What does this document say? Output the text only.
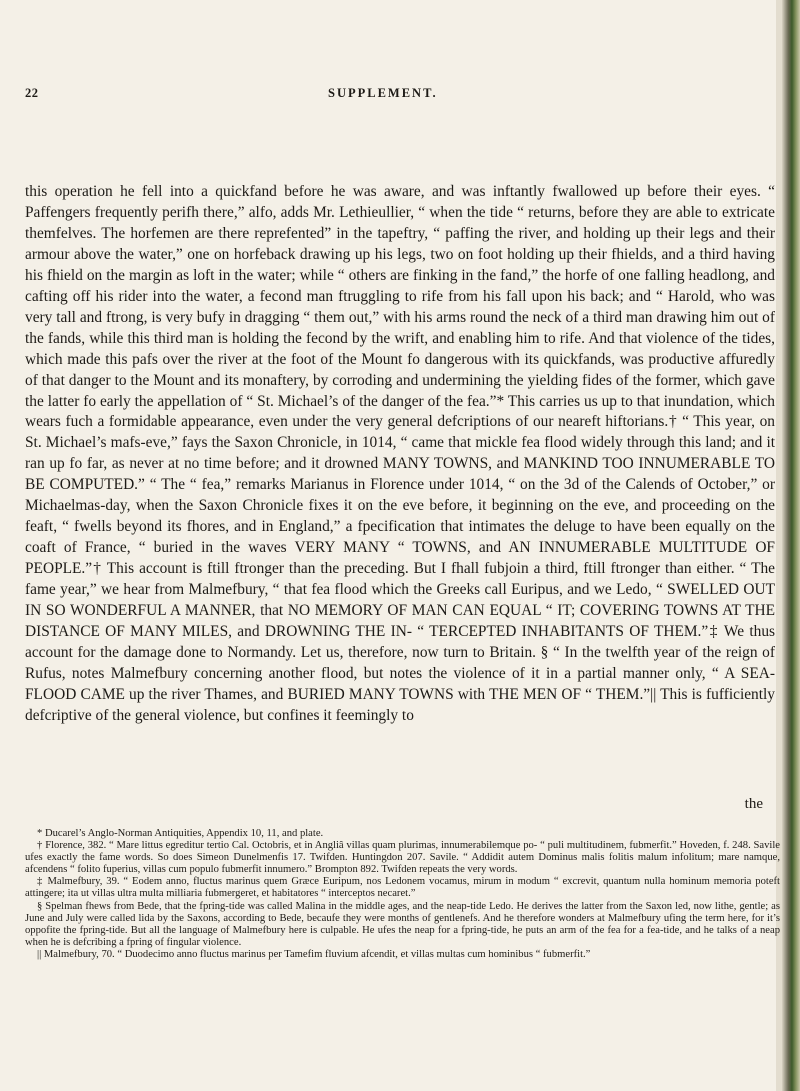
22	SUPPLEMENT.

this operation he fell into a quickfand before he was aware, and was inftantly fwallowed up before their eyes. “ Paffengers frequently perifh there,” alfo, adds Mr. Lethieullier, “ when the tide “ returns, before they are able to extricate themfelves. The horfemen are there reprefented” in the tapeftry, “ paffing the river, and holding up their legs and their armour above the water,” one on horfeback drawing up his legs, two on foot holding up their fhields, and a third having his fhield on the margin as loft in the water; while “ others are finking in the fand,” the horfe of one falling headlong, and cafting off his rider into the water, a fecond man ftruggling to rife from his fall upon his back; and “ Harold, who was very tall and ftrong, is very bufy in dragging “ them out,” with his arms round the neck of a third man drawing him out of the fands, while this third man is holding the fecond by the wrift, and enabling him to rife. And that violence of the tides, which made this pafs over the river at the foot of the Mount fo dangerous with its quickfands, was productive affuredly of that danger to the Mount and its monaftery, by corroding and undermining the yielding fides of the former, which gave the latter fo early the appellation of “ St. Michael’s of the danger of the fea.”* This carries us up to that inundation, which wears fuch a formidable appearance, even under the very general defcriptions of our neareft hiftorians.† “ This year, on St. Michael’s mafs-eve,” fays the Saxon Chronicle, in 1014, “ came that mickle fea flood widely through this land; and it ran up fo far, as never at no time before; and it drowned MANY TOWNS, and MANKIND TOO INNUMERABLE TO BE COMPUTED.” “ The “ fea,” remarks Marianus in Florence under 1014, “ on the 3d of the Calends of October,” or Michaelmas-day, when the Saxon Chronicle fixes it on the eve before, it beginning on the eve, and proceeding on the feaft, “ fwells beyond its fhores, and in England,” a fpecification that intimates the deluge to have been equally on the coaft of France, “ buried in the waves VERY MANY “ TOWNS, and AN INNUMERABLE MULTITUDE OF PEOPLE.”† This account is ftill ftronger than the preceding. But I fhall fubjoin a third, ftill ftronger than either. “ The fame year,” we hear from Malmefbury, “ that fea flood which the Greeks call Euripus, and we Ledo, “ SWELLED OUT IN SO WONDERFUL A MANNER, that NO MEMORY OF MAN CAN EQUAL “ IT; COVERING TOWNS AT THE DISTANCE OF MANY MILES, and DROWNING THE IN- “ TERCEPTED INHABITANTS OF THEM.”‡ We thus account for the damage done to Normandy. Let us, therefore, now turn to Britain. § “ In the twelfth year of the reign of Rufus, notes Malmefbury concerning another flood, but notes the violence of it in a partial manner only, “ A SEA-FLOOD CAME up the river Thames, and BURIED MANY TOWNS with THE MEN OF “ THEM.”|| This is fufficiently defcriptive of the general violence, but confines it feemingly to

the

* Ducarel’s Anglo-Norman Antiquities, Appendix 10, 11, and plate.

† Florence, 382. “ Mare littus egreditur tertio Cal. Octobris, et in Angliâ villas quam plurimas, innumerabilemque po- “ puli multitudinem, fubmerfit.” Hoveden, f. 248. Savile ufes exactly the fame words. So does Simeon Dunelmenfis 17. Twifden. Huntingdon 207. Savile. “ Addidit autem Dominus malis folitis malum infolitum; mare namque, afcendens “ folito fuperius, villas cum populo fubmerfit innumero.” Brompton 892. Twifden repeats the very words.

‡ Malmefbury, 39. “ Eodem anno, fluctus marinus quem Græce Euripum, nos Ledonem vocamus, mirum in modum “ excrevit, quantum nulla hominum memoria poteft attingere; ita ut villas ultra multa milliaria fubmergeret, et habitatores “ interceptos necaret.”

§ Spelman fhews from Bede, that the fpring-tide was called Malina in the middle ages, and the neap-tide Ledo. He derives the latter from the Saxon led, now lithe, gentle; as June and July were called lida by the Saxons, according to Bede, becaufe they were months of gentlenefs. And he therefore wonders at Malmefbury ufing the term here, for it’s oppofite the fpring-tide. But all the language of Malmefbury here is culpable. He ufes the neap for a fpring-tide, he puts an arm of the fea for a fea-tide, and he talks of a neap when he is defcribing a fpring of fingular violence.

|| Malmefbury, 70. “ Duodecimo anno fluctus marinus per Tamefim fluvium afcendit, et villas multas cum hominibus “ fubmerfit.”
